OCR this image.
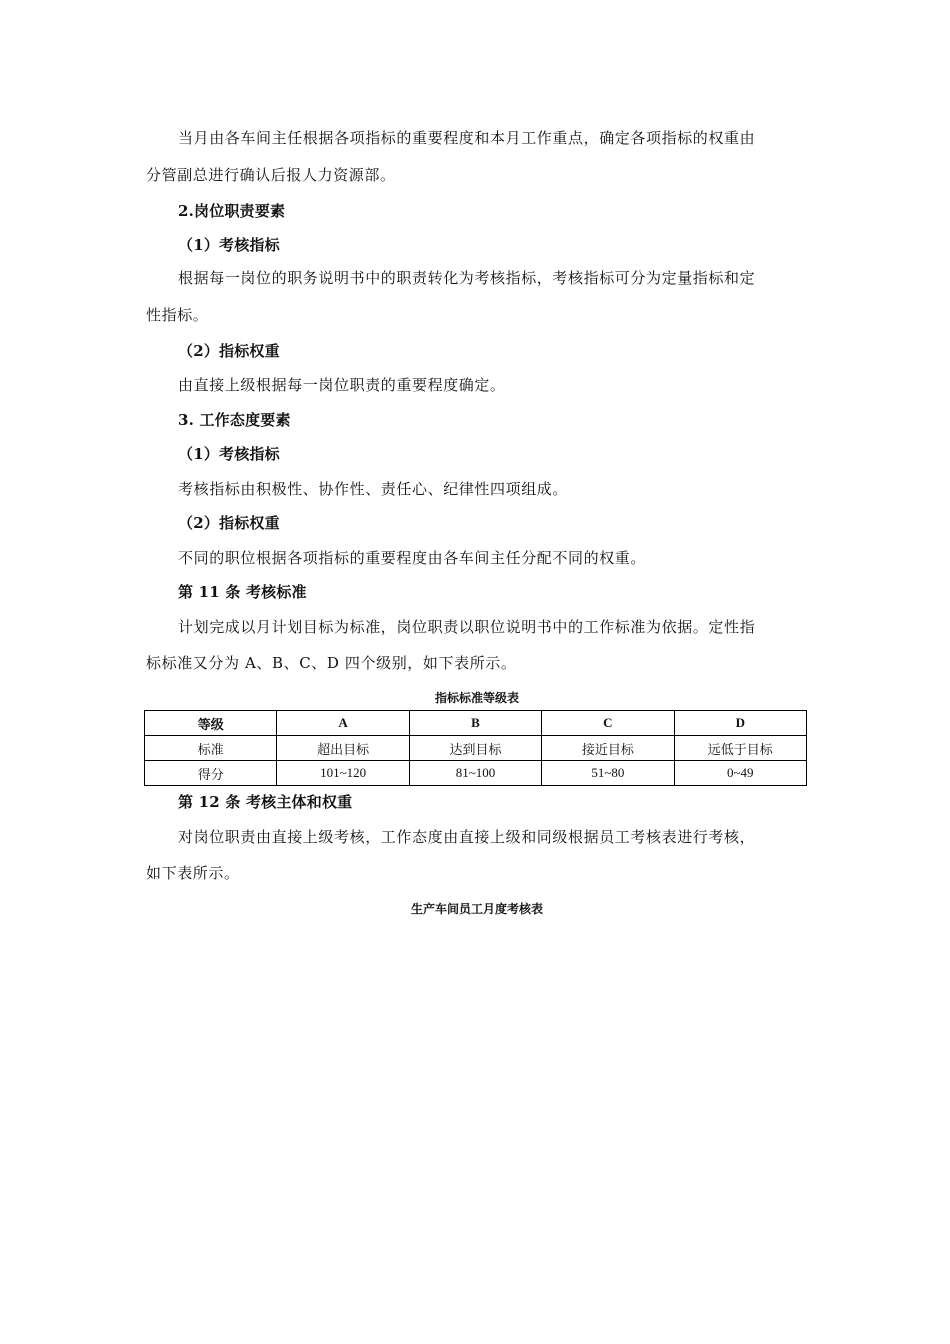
当月由各车间主任根据各项指标的重要程度和本月工作重点，确定各项指标的权重由
分管副总进行确认后报人力资源部。
2.岗位职责要素
（1）考核指标
根据每一岗位的职务说明书中的职责转化为考核指标，考核指标可分为定量指标和定
性指标。
（2）指标权重
由直接上级根据每一岗位职责的重要程度确定。
3. 工作态度要素
（1）考核指标
考核指标由积极性、协作性、责任心、纪律性四项组成。
（2）指标权重
不同的职位根据各项指标的重要程度由各车间主任分配不同的权重。
第 11 条 考核标准
计划完成以月计划目标为标准，岗位职责以职位说明书中的工作标准为依据。定性指
标标准又分为 A、B、C、D 四个级别，如下表所示。
指标标准等级表
等级	A	B	C	D
标准	超出目标	达到目标	接近目标	远低于目标
得分	101~120	81~100	51~80	0~49
第 12 条 考核主体和权重
对岗位职责由直接上级考核，工作态度由直接上级和同级根据员工考核表进行考核，
如下表所示。
生产车间员工月度考核表
